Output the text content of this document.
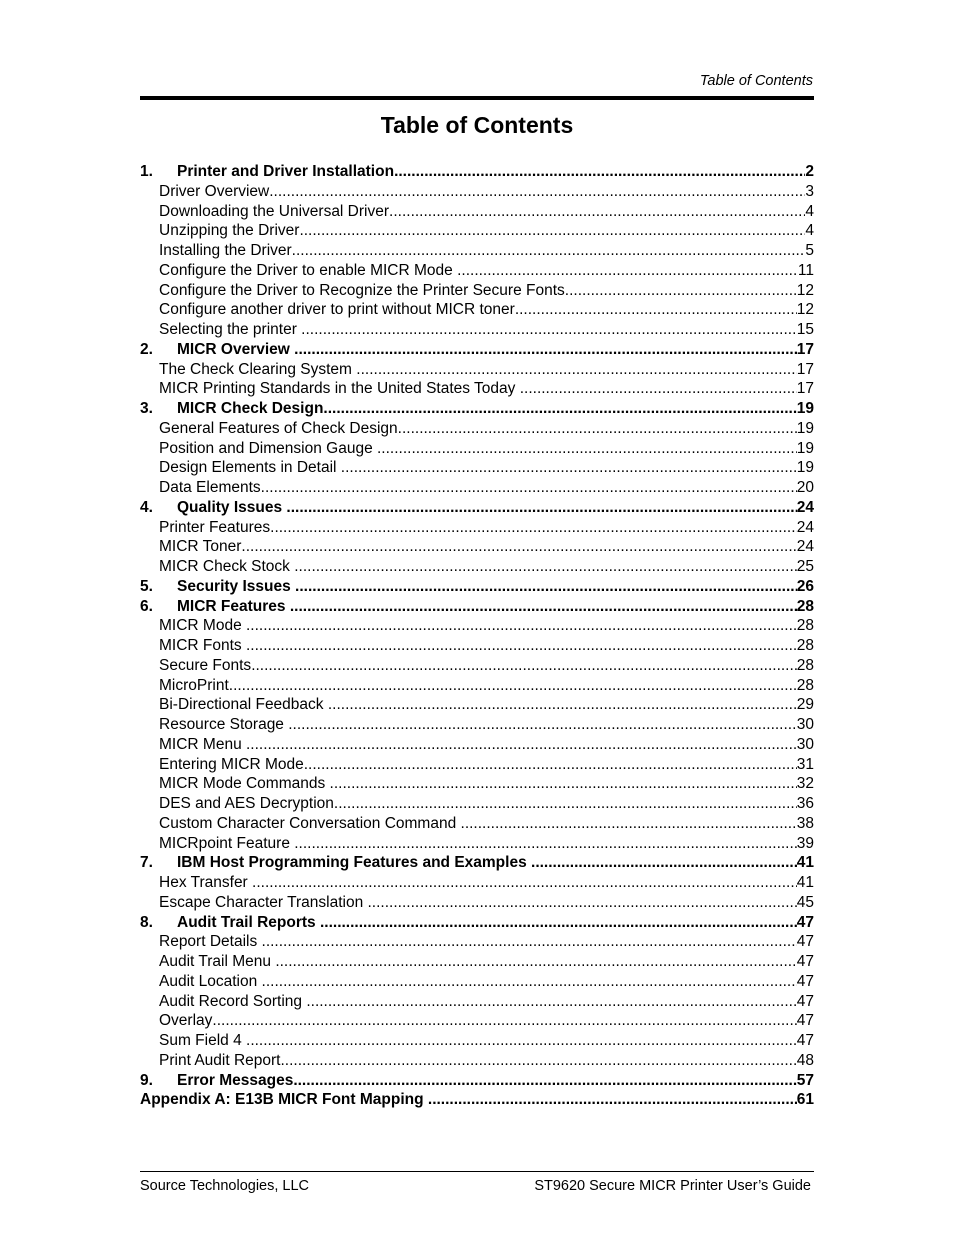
Table of Contents
Table of Contents
1.	Printer and Driver Installation .....	2
Driver Overview .....	3
Downloading the Universal Driver .....	4
Unzipping the Driver .....	4
Installing the Driver .....	5
Configure the Driver to enable MICR Mode .....	11
Configure the Driver to Recognize the Printer Secure Fonts .....	12
Configure another driver to print without MICR toner .....	12
Selecting the printer .....	15
2.	MICR Overview .....	17
The Check Clearing System .....	17
MICR Printing Standards in the United States Today .....	17
3.	MICR Check Design .....	19
General Features of Check Design .....	19
Position and Dimension Gauge .....	19
Design Elements in Detail .....	19
Data Elements .....	20
4.	Quality Issues .....	24
Printer Features .....	24
MICR Toner .....	24
MICR Check Stock .....	25
5.	Security Issues .....	26
6.	MICR Features .....	28
MICR Mode .....	28
MICR Fonts .....	28
Secure Fonts .....	28
MicroPrint .....	28
Bi-Directional Feedback .....	29
Resource Storage .....	30
MICR Menu .....	30
Entering MICR Mode .....	31
MICR Mode Commands .....	32
DES and AES Decryption .....	36
Custom Character Conversation Command .....	38
MICRpoint Feature .....	39
7.	IBM Host Programming Features and Examples .....	41
Hex Transfer .....	41
Escape Character Translation .....	45
8.	Audit Trail Reports .....	47
Report Details .....	47
Audit Trail Menu .....	47
Audit Location .....	47
Audit Record Sorting .....	47
Overlay .....	47
Sum Field 4 .....	47
Print Audit Report .....	48
9.	Error Messages .....	57
Appendix A: E13B MICR Font Mapping .....	61
Source Technologies, LLC	ST9620 Secure MICR Printer User’s Guide
